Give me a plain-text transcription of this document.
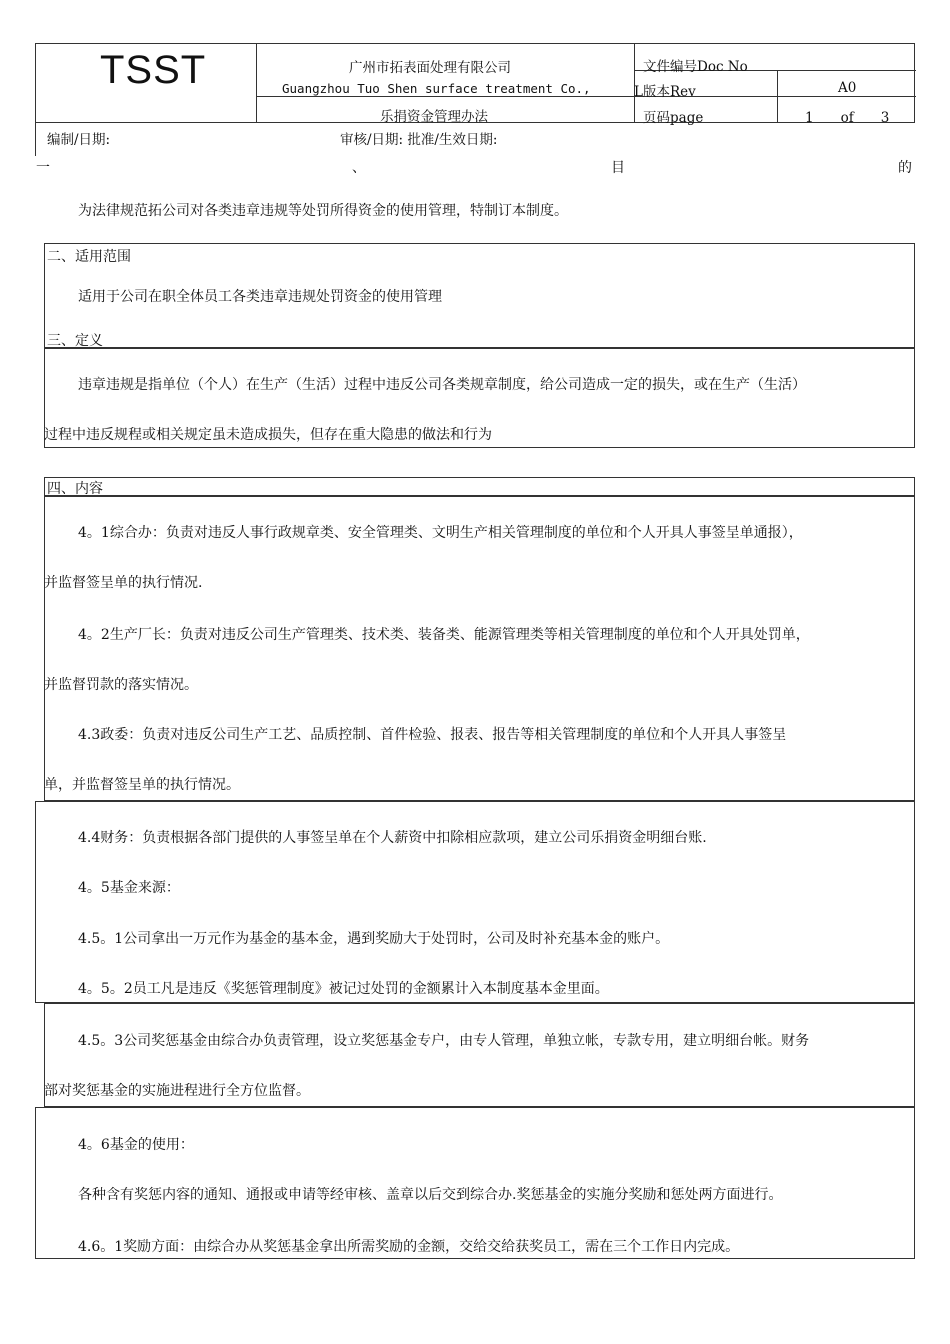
TSST	广州市拓表面处理有限公司
Guangzhou Tuo Shen surface treatment Co.,
乐捐资金管理办法
文件编号Doc No
L版本Rev	A0
页码page	1　　of　　3
编制/日期:	审核/日期: 批准/生效日期:
一	、	目	的
为法律规范拓公司对各类违章违规等处罚所得资金的使用管理，特制订本制度。
二、适用范围
适用于公司在职全体员工各类违章违规处罚资金的使用管理
三、定义
违章违规是指单位（个人）在生产（生活）过程中违反公司各类规章制度，给公司造成一定的损失，或在生产（生活）
过程中违反规程或相关规定虽未造成损失，但存在重大隐患的做法和行为
四、内容
4。1综合办：负责对违反人事行政规章类、安全管理类、文明生产相关管理制度的单位和个人开具人事签呈单通报），
并监督签呈单的执行情况.
4。2生产厂长：负责对违反公司生产管理类、技术类、装备类、能源管理类等相关管理制度的单位和个人开具处罚单，
并监督罚款的落实情况。
4.3政委：负责对违反公司生产工艺、品质控制、首件检验、报表、报告等相关管理制度的单位和个人开具人事签呈
单，并监督签呈单的执行情况。
4.4财务：负责根据各部门提供的人事签呈单在个人薪资中扣除相应款项，建立公司乐捐资金明细台账.
4。5基金来源：
4.5。1公司拿出一万元作为基金的基本金，遇到奖励大于处罚时，公司及时补充基本金的账户。
4。5。2员工凡是违反《奖惩管理制度》被记过处罚的金额累计入本制度基本金里面。
4.5。3公司奖惩基金由综合办负责管理，设立奖惩基金专户，由专人管理，单独立帐，专款专用，建立明细台帐。财务
部对奖惩基金的实施进程进行全方位监督。
4。6基金的使用：
各种含有奖惩内容的通知、通报或申请等经审核、盖章以后交到综合办.奖惩基金的实施分奖励和惩处两方面进行。
4.6。1奖励方面：由综合办从奖惩基金拿出所需奖励的金额，交给交给获奖员工，需在三个工作日内完成。
